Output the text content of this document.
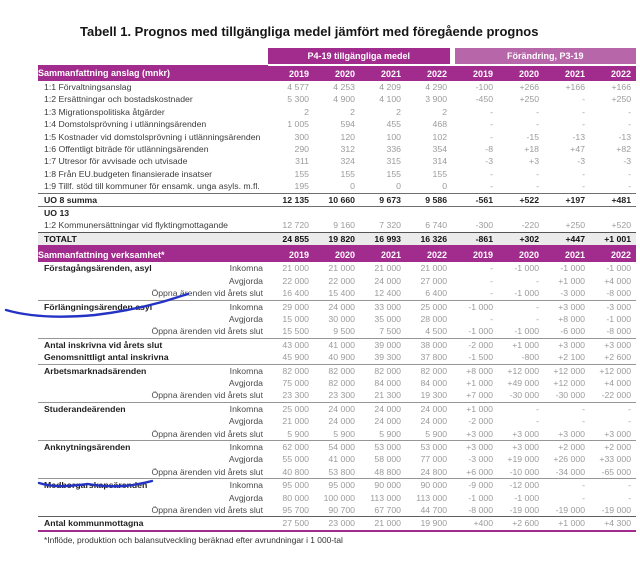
Tabell 1. Prognos med tillgängliga medel jämfört med föregående prognos
	P4-19 tillgängliga medel				Förändring, P3-19			
Sammanfattning anslag (mnkr)	2019	2020	2021	2022	2019	2020	2021	2022
1:1 Förvaltningsanslag	4 577	4 253	4 209	4 290	-100	+266	+166	+166
1:2 Ersättningar och bostadskostnader	5 300	4 900	4 100	3 900	-450	+250	-	+250
1:3 Migrationspolitiska åtgärder	2	2	2	2	-	-	-	-
1:4 Domstolsprövning i utlänningsärenden	1 005	594	455	468	-	-	-	-
1:5 Kostnader vid domstolsprövning i utlänningsärenden	300	120	100	102	-	-15	-13	-13
1:6 Offentligt biträde för utlänningsärenden	290	312	336	354	-8	+18	+47	+82
1:7 Utresor för avvisade och utvisade	311	324	315	314	-3	+3	-3	-3
1:8 Från EU.budgeten finansierade insatser	155	155	155	155	-	-	-	-
1:9 Tillf. stöd till kommuner för ensamk. unga asyls. m.fl.	195	0	0	0	-	-	-	-
UO 8 summa	12 135	10 660	9 673	9 586	-561	+522	+197	+481
UO 13								
1:2 Kommunersättningar vid flyktingmottagande	12 720	9 160	7 320	6 740	-300	-220	+250	+520
TOTALT	24 855	19 820	16 993	16 326	-861	+302	+447	+1 001
Sammanfattning verksamhet*	2019	2020	2021	2022	2019	2020	2021	2022

Förstagångsärenden, asyl Inkomna	21 000	21 000	21 000	21 000	-	-1 000	-1 000	-1 000

Avgjorda	22 000	22 000	24 000	27 000	-	-	+1 000	+4 000

Öppna ärenden vid årets slut	16 400	15 400	12 400	6 400	-	-1 000	-3 000	-8 000

Förlängningsärenden asyl Inkomna	29 000	24 000	33 000	25 000	-1 000	-	+3 000	-3 000

Avgjorda	15 000	30 000	35 000	28 000	-	-	+8 000	-1 000

Öppna ärenden vid årets slut	15 500	9 500	7 500	4 500	-1 000	-1 000	-6 000	-8 000

Antal inskrivna vid årets slut	43 000	41 000	39 000	38 000	-2 000	+1 000	+3 000	+3 000

Genomsnittligt antal inskrivna	45 900	40 900	39 300	37 800	-1 500	-800	+2 100	+2 600

Arbetsmarknadsärenden Inkomna	82 000	82 000	82 000	82 000	+8 000	+12 000	+12 000	+12 000

Avgjorda	75 000	82 000	84 000	84 000	+1 000	+49 000	+12 000	+4 000

Öppna ärenden vid årets slut	23 300	23 300	21 300	19 300	+7 000	-30 000	-30 000	-22 000

Studerandeärenden Inkomna	25 000	24 000	24 000	24 000	+1 000	-	-	-

Avgjorda	21 000	24 000	24 000	24 000	-2 000	-	-	-

Öppna ärenden vid årets slut	5 900	5 900	5 900	5 900	+3 000	+3 000	+3 000	+3 000

Anknytningsärenden Inkomna	62 000	54 000	53 000	53 000	+3 000	+3 000	+2 000	+2 000

Avgjorda	55 000	41 000	58 000	77 000	-3 000	+19 000	+26 000	+33 000

Öppna ärenden vid årets slut	40 800	53 800	48 800	24 800	+6 000	-10 000	-34 000	-65 000

Medborgarskapsärenden Inkomna	95 000	95 000	90 000	90 000	-9 000	-12 000	-	-

Avgjorda	80 000	100 000	113 000	113 000	-1 000	-1 000	-	-

Öppna ärenden vid årets slut	95 700	90 700	67 700	44 700	-8 000	-19 000	-19 000	-19 000

Antal kommunmottagna	27 500	23 000	21 000	19 900	+400	+2 600	+1 000	+4 300
*Inflöde, produktion och balansutveckling beräknad efter avrundningar i 1 000-tal
